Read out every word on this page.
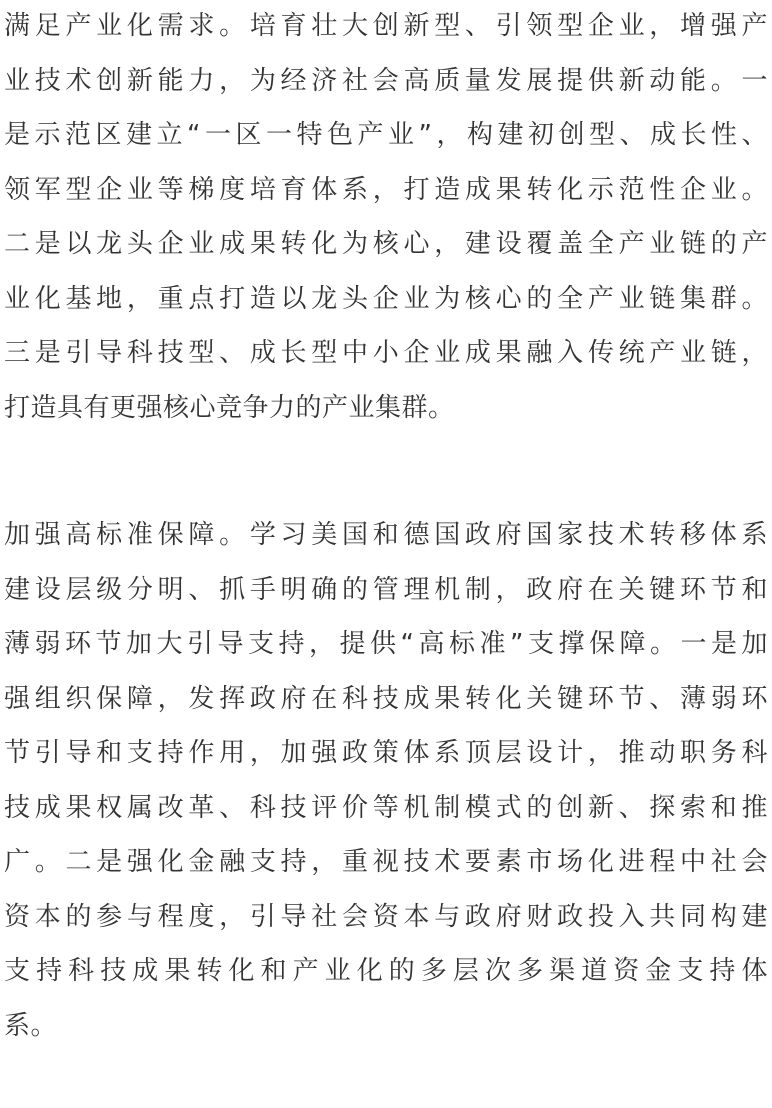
满足产业化需求。培育壮大创新型、引领型企业，增强产
业技术创新能力，为经济社会高质量发展提供新动能。一
是示范区建立“一区一特色产业”，构建初创型、成长性、
领军型企业等梯度培育体系，打造成果转化示范性企业。
二是以龙头企业成果转化为核心，建设覆盖全产业链的产
业化基地，重点打造以龙头企业为核心的全产业链集群。
三是引导科技型、成长型中小企业成果融入传统产业链，
打造具有更强核心竞争力的产业集群。
加强高标准保障。学习美国和德国政府国家技术转移体系
建设层级分明、抓手明确的管理机制，政府在关键环节和
薄弱环节加大引导支持，提供“高标准”支撑保障。一是加
强组织保障，发挥政府在科技成果转化关键环节、薄弱环
节引导和支持作用，加强政策体系顶层设计，推动职务科
技成果权属改革、科技评价等机制模式的创新、探索和推
广。二是强化金融支持，重视技术要素市场化进程中社会
资本的参与程度，引导社会资本与政府财政投入共同构建
支持科技成果转化和产业化的多层次多渠道资金支持体
系。
